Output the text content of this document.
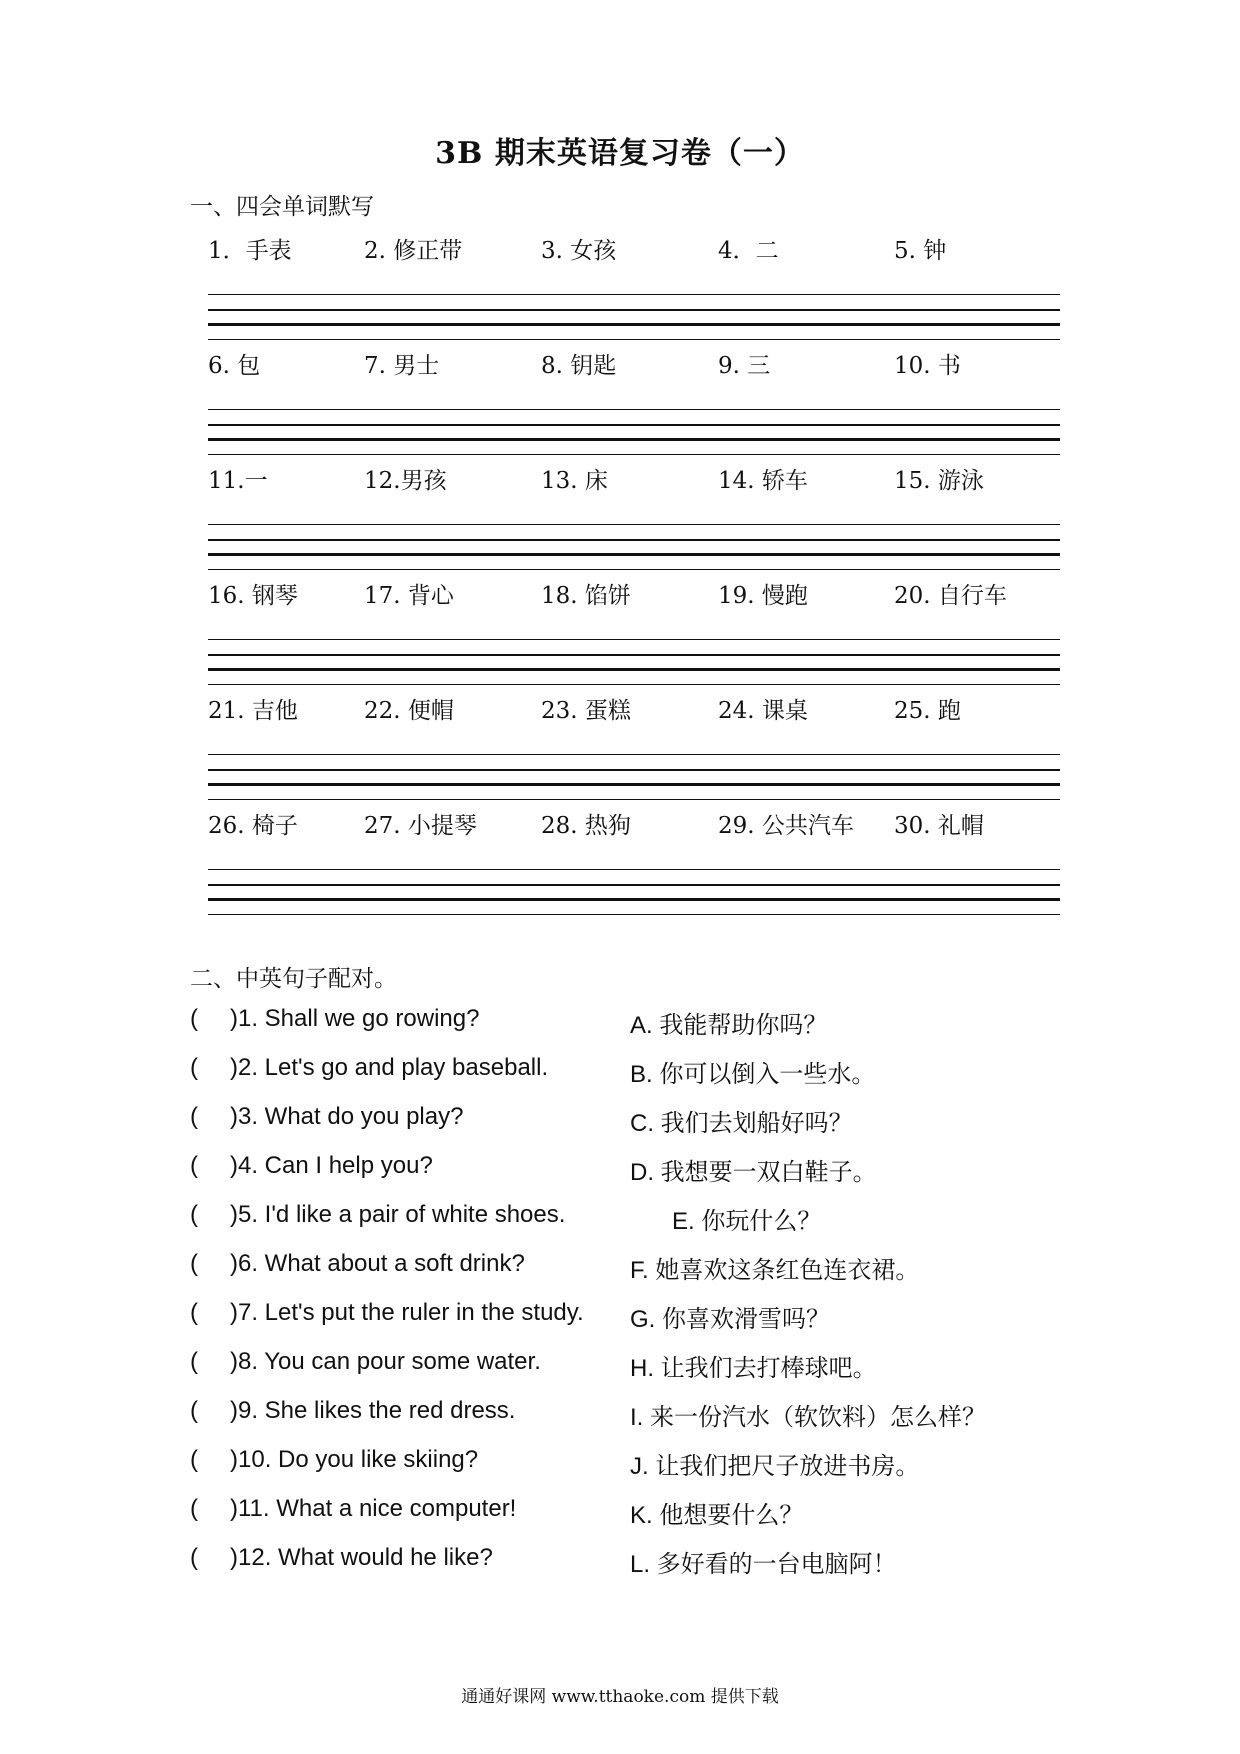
3B 期末英语复习卷（一）
一、四会单词默写
1．手表	2. 修正带	3. 女孩	4．二	5. 钟
6. 包	7. 男士	8. 钥匙	9. 三	10. 书
11.一	12.男孩	13. 床	14. 轿车	15. 游泳
16. 钢琴	17. 背心	18. 馅饼	19. 慢跑	20. 自行车
21. 吉他	22. 便帽	23. 蛋糕	24. 课桌	25. 跑
26. 椅子	27. 小提琴	28. 热狗	29. 公共汽车 30. 礼帽
二、中英句子配对。
( )1. Shall we go rowing?	A. 我能帮助你吗？
( )2. Let's go and play baseball.	B. 你可以倒入一些水。
( )3. What do you play?	C. 我们去划船好吗？
( )4. Can I help you?	D. 我想要一双白鞋子。
( )5. I'd like a pair of white shoes.	E. 你玩什么？
( )6. What about a soft drink?	F. 她喜欢这条红色连衣裙。
( )7. Let's put the ruler in the study. G. 你喜欢滑雪吗？
( )8. You can pour some water.	H. 让我们去打棒球吧。
( )9. She likes the red dress.	I. 来一份汽水（软饮料）怎么样？
( )10. Do you like skiing?	J. 让我们把尺子放进书房。
( )11. What a nice computer!	K. 他想要什么？
( )12. What would he like?	L. 多好看的一台电脑阿！
通通好课网 www.tthaoke.com 提供下载
